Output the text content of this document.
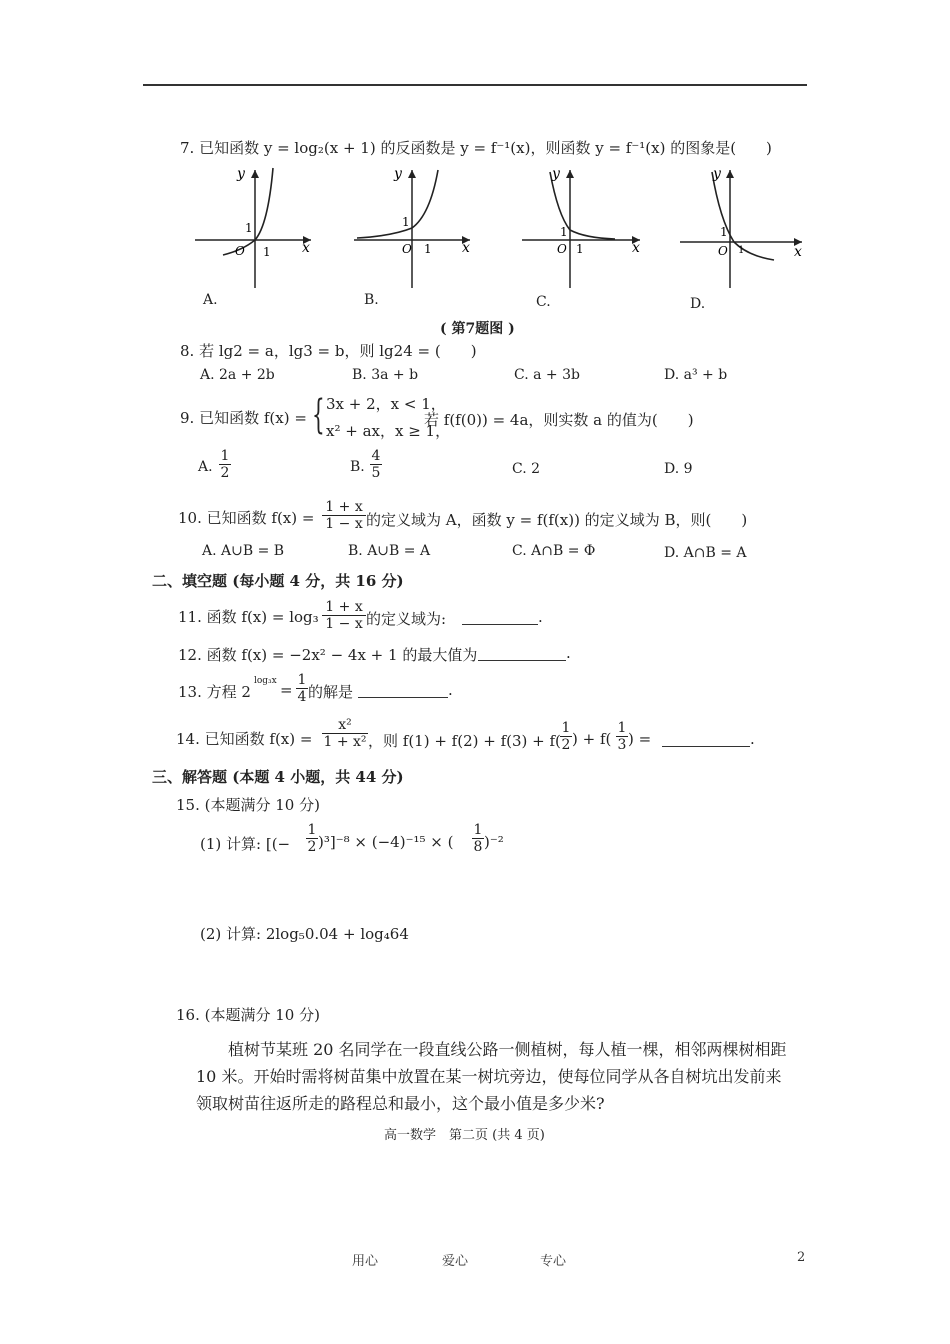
7. 已知函数 y = log₂(x + 1) 的反函数是 y = f⁻¹(x)，则函数 y = f⁻¹(x) 的图象是(　　)
y
x
O 1
1
A.
y
x
O 1
1
B.
y
x
O 1
1
C.
y
x
O 1
1
D.
( 第7题图 )
8. 若 lg2 = a，lg3 = b，则 lg24 = (　　)
A. 2a + 2b	B. 3a + b	C. a + 3b	D. a³ + b
9. 已知函数 f(x) = { 3x + 2，x < 1，
x² + ax，x ≥ 1，
若 f(f(0)) = 4a，则实数 a 的值为(　　)
A. $\frac{1}{2}$	B. $\frac{4}{5}$	C. 2	D. 9
10. 已知函数 $f(x) = \frac{1 + x}{1 - x}$ 的定义域为 A，函数 y = f(f(x)) 的定义域为 B，则(　　)
A. A∪B = B	B. A∪B = A	C. A∩B = Φ	D. A∩B = A
二、填空题 (每小题 4 分，共 16 分)
11. 函数 $f(x) = \log_3 \frac{1 + x}{1 - x}$ 的定义域为:	.
12. 函数 f(x) = −2x² − 4x + 1 的最大值为	.
13. 方程 2
$\log_3x = \frac{1}{4}$ 的解是	.
14. 已知函数 $f(x) = \frac{\text{x²}}{\text{1 + x²}}$ ，则 $f(1) + f(2) + f(3) + f( \frac{1}{2}$ ) + $f( \frac{1}{3}$ ) =	.
三、解答题 (本题 4 小题，共 44 分)
15. (本题满分 10 分)
(1) 计算: [(− $\frac{1}{2} )^3]^{-8} \times (-4)^{-15}$ × (
1
8 )⁻²
(2) 计算: 2log₅0.04 + log₄64
16. (本题满分 10 分)
植树节某班 20 名同学在一段直线公路一侧植树，每人植一棵，相邻两棵树相距
10 米。开始时需将树苗集中放置在某一树坑旁边，使每位同学从各自树坑出发前来
领取树苗往返所走的路程总和最小，这个最小值是多少米?
高一数学　第二页 (共 4 页)
用心	爱心	专心	2
